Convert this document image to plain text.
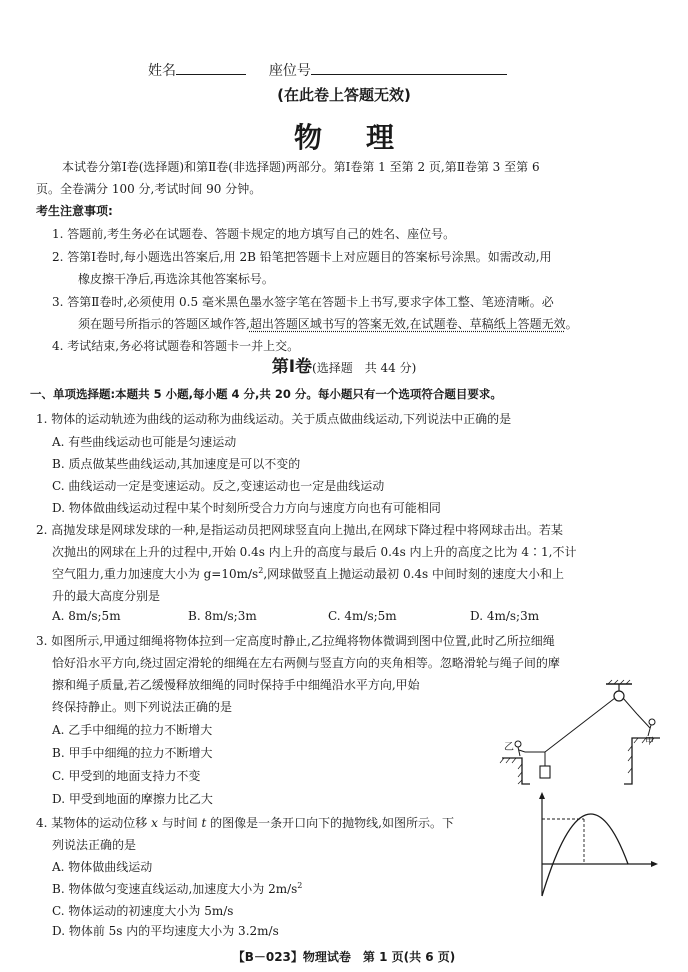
姓名	座位号
(在此卷上答题无效)
物理
本试卷分第Ⅰ卷(选择题)和第Ⅱ卷(非选择题)两部分。第Ⅰ卷第 1 至第 2 页,第Ⅱ卷第 3 至第 6
页。全卷满分 100 分,考试时间 90 分钟。
考生注意事项:
1. 答题前,考生务必在试题卷、答题卡规定的地方填写自己的姓名、座位号。
2. 答第Ⅰ卷时,每小题选出答案后,用 2B 铅笔把答题卡上对应题目的答案标号涂黑。如需改动,用
橡皮擦干净后,再选涂其他答案标号。
3. 答第Ⅱ卷时,必须使用 0.5 毫米黑色墨水签字笔在答题卡上书写,要求字体工整、笔迹清晰。必
须在题号所指示的答题区域作答,超出答题区域书写的答案无效,在试题卷、草稿纸上答题无效。
4. 考试结束,务必将试题卷和答题卡一并上交。
第Ⅰ卷(选择题　共 44 分)
一、单项选择题:本题共 5 小题,每小题 4 分,共 20 分。每小题只有一个选项符合题目要求。
1. 物体的运动轨迹为曲线的运动称为曲线运动。关于质点做曲线运动,下列说法中正确的是
A. 有些曲线运动也可能是匀速运动
B. 质点做某些曲线运动,其加速度是可以不变的
C. 曲线运动一定是变速运动。反之,变速运动也一定是曲线运动
D. 物体做曲线运动过程中某个时刻所受合力方向与速度方向也有可能相同
2. 高抛发球是网球发球的一种,是指运动员把网球竖直向上抛出,在网球下降过程中将网球击出。若某
次抛出的网球在上升的过程中,开始 0.4s 内上升的高度与最后 0.4s 内上升的高度之比为 4∶1,不计
空气阻力,重力加速度大小为 $g=10m/s^2$,网球做竖直上抛运动最初 0.4s 中间时刻的速度大小和上
升的最大高度分别是
A. 8m/s;5m	B. 8m/s;3m	C. 4m/s;5m	D. 4m/s;3m
3. 如图所示,甲通过细绳将物体拉到一定高度时静止,乙拉绳将物体微调到图中位置,此时乙所拉细绳
恰好沿水平方向,绕过固定滑轮的细绳在左右两侧与竖直方向的夹角相等。忽略滑轮与绳子间的摩
擦和绳子质量,若乙缓慢释放细绳的同时保持手中细绳沿水平方向,甲始
终保持静止。则下列说法正确的是
A. 乙手中细绳的拉力不断增大
B. 甲手中细绳的拉力不断增大
C. 甲受到的地面支持力不变
D. 甲受到地面的摩擦力比乙大
乙	甲
4. 某物体的运动位移 x 与时间 t 的图像是一条开口向下的抛物线,如图所示。下
列说法正确的是
A. 物体做曲线运动
B. 物体做匀变速直线运动,加速度大小为 $2m/s^2$
C. 物体运动的初速度大小为 5m/s
D. 物体前 5s 内的平均速度大小为 3.2m/s
【B－023】物理试卷　第 1 页(共 6 页)
